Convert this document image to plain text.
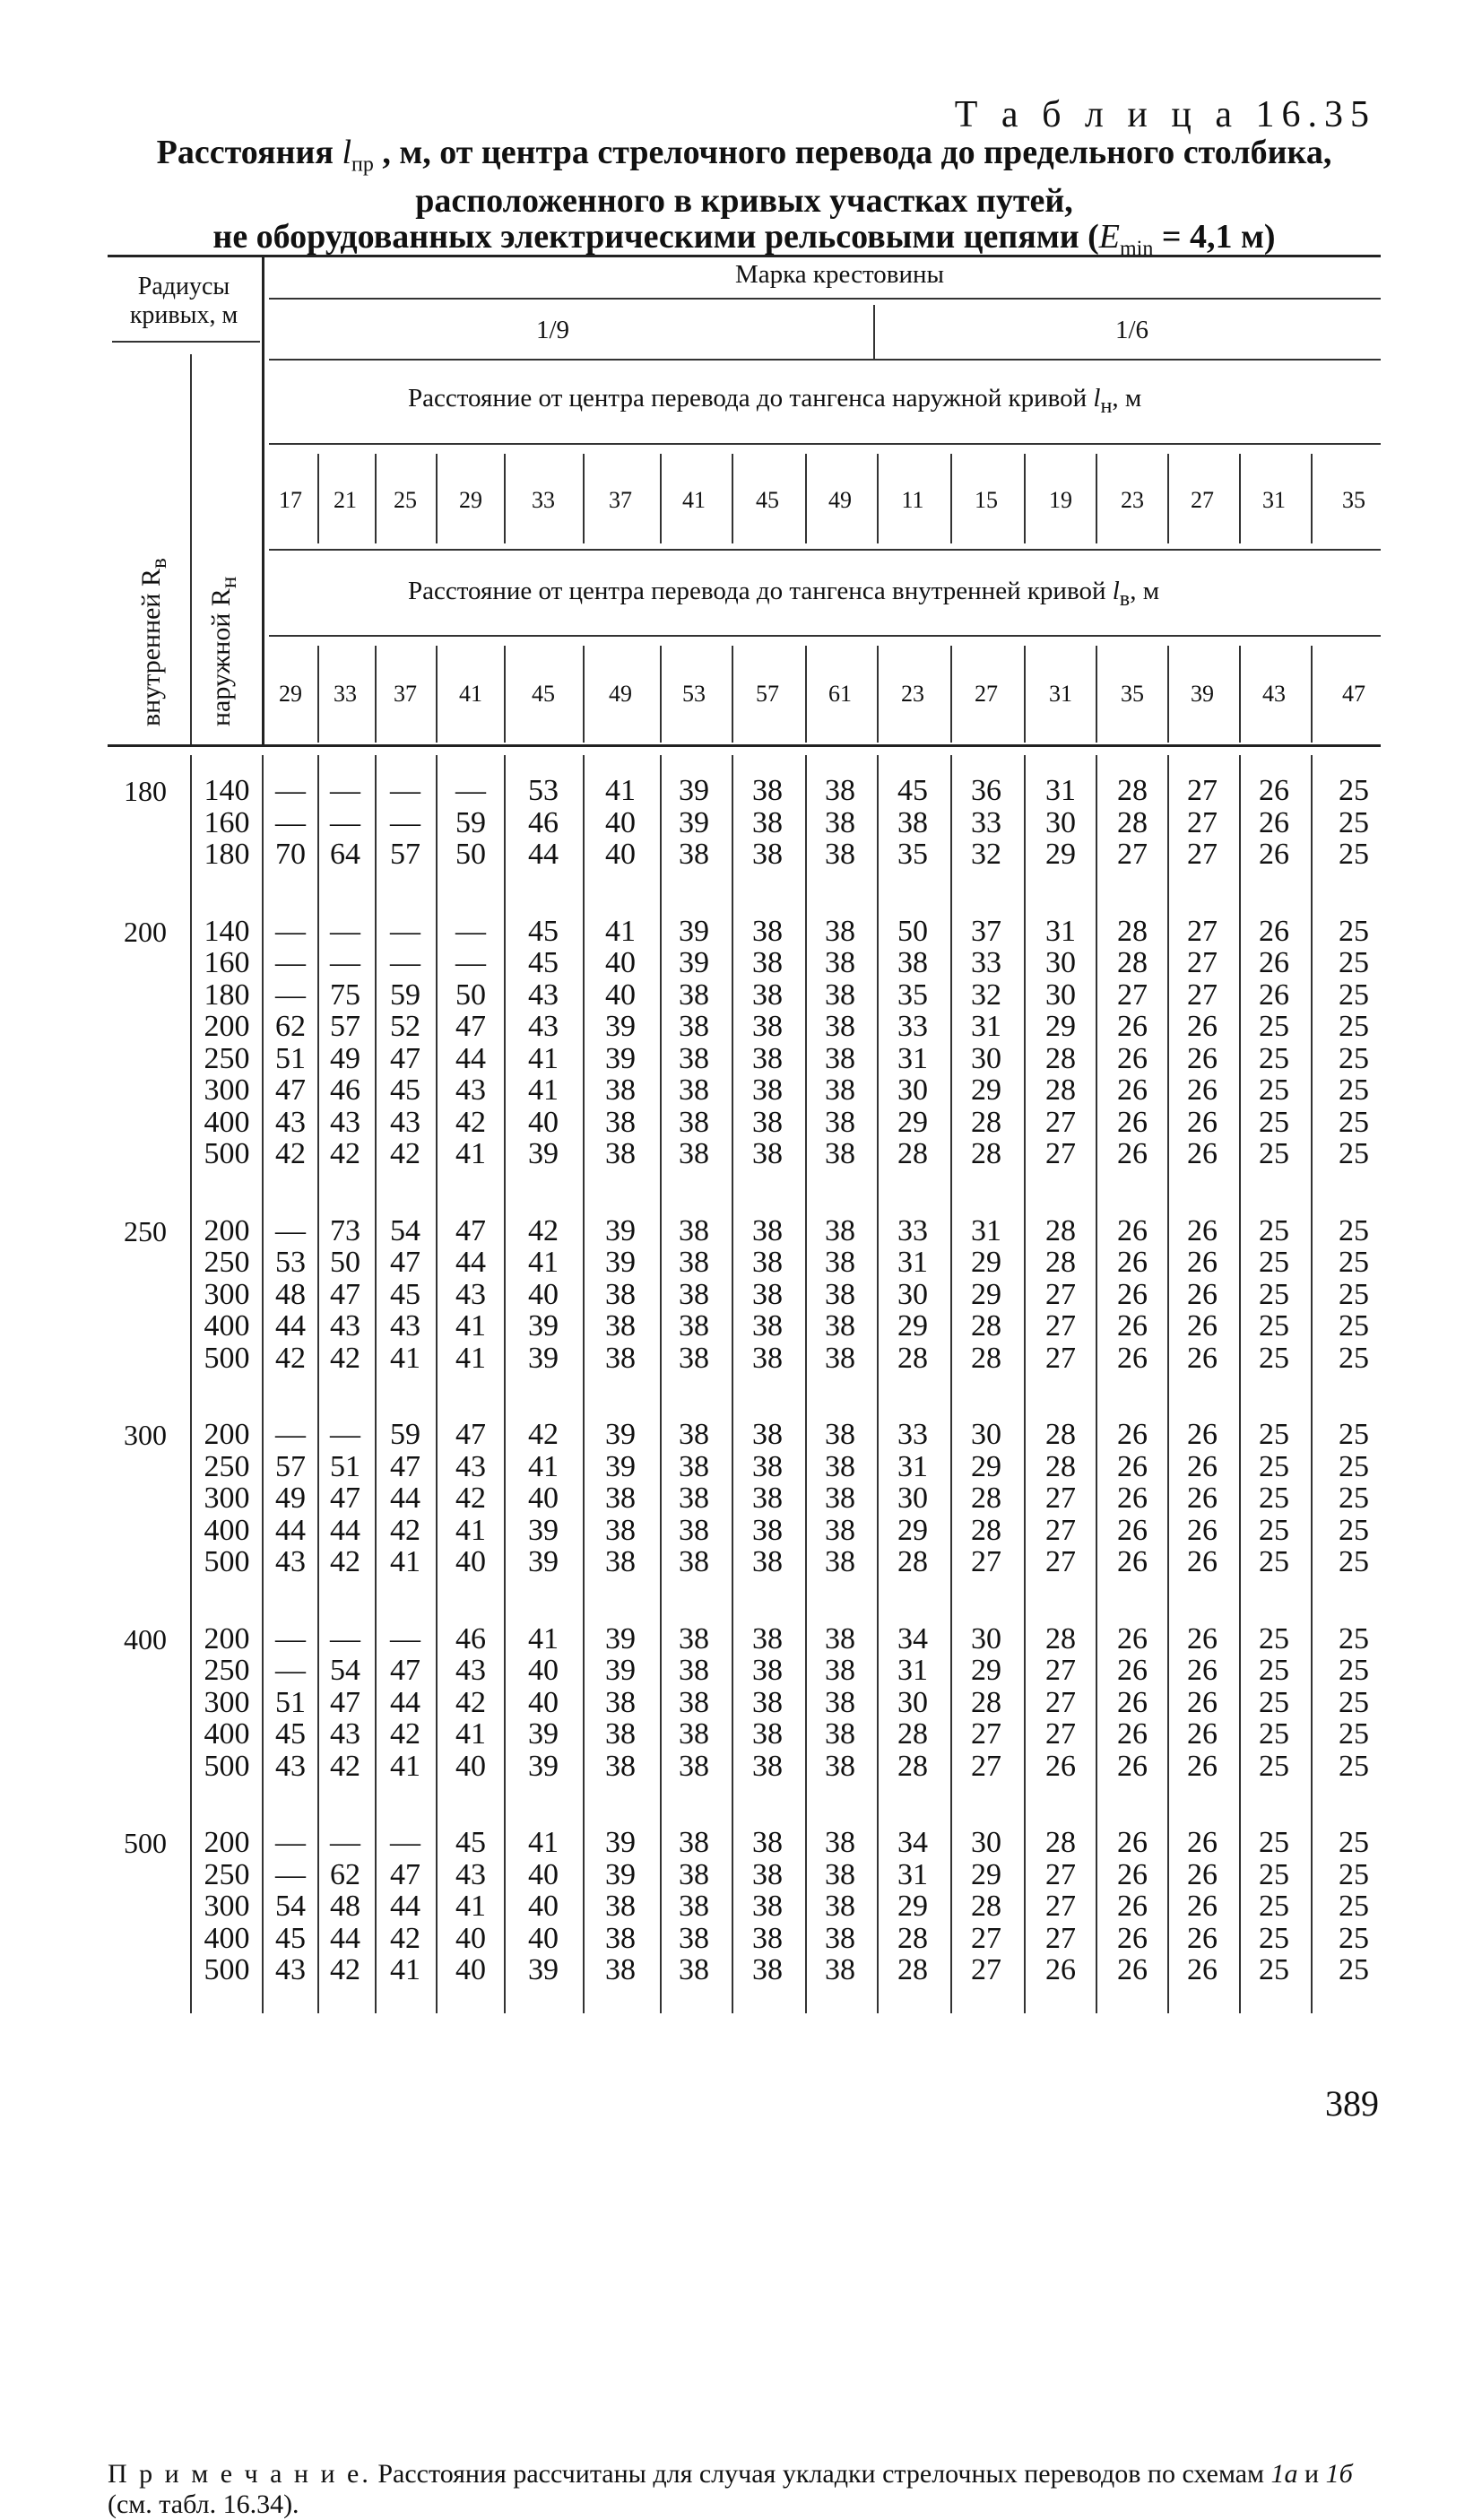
Т а б л и ц а 16.35
Расстояния $l_{пр}$ , м, от центра стрелочного перевода до предельного столбика,
расположенного в кривых участках путей,
не оборудованных электрическими рельсовыми цепями ($E_{min} = 4,1$ м)
Радиусы кривых, м
Марка крестовины
1/9	1/6
Расстояние от центра перевода до тангенса наружной кривой $l_н$, м
Расстояние от центра перевода до тангенса внутренней кривой $l_в$, м
внутренней $R_в$
наружной $R_н$
17	21	25	29	33	37	41	45	49	11	15	19	23	27	31	35
29	33	37	41	45	49	53	57	61	23	27	31	35	39	43	47
180	140 — — —	—	53	41	39	38	38	45	36	31	28	27	26	25
160 — — —	59	46	40	39	38	38	38	33	30	28	27	26	25
180 70 64 57	50	44	40	38	38	38	35	32	29	27	27	26	25
200	140 — — —	—	45	41	39	38	38	50	37	31	28	27	26	25
160 — — —	—	45	40	39	38	38	38	33	30	28	27	26	25
180 — 75 59	50	43	40	38	38	38	35	32	30	27	27	26	25
200 62 57 52	47	43	39	38	38	38	33	31	29	26	26	25	25
250 51 49 47	44	41	39	38	38	38	31	30	28	26	26	25	25
300 47 46 45	43	41	38	38	38	38	30	29	28	26	26	25	25
400 43 43 43	42	40	38	38	38	38	29	28	27	26	26	25	25
500 42 42 42	41	39	38	38	38	38	28	28	27	26	26	25	25
250	200 — 73 54	47	42	39	38	38	38	33	31	28	26	26	25	25
250 53 50 47	44	41	39	38	38	38	31	29	28	26	26	25	25
300 48 47 45	43	40	38	38	38	38	30	29	27	26	26	25	25
400 44 43 43	41	39	38	38	38	38	29	28	27	26	26	25	25
500 42 42 41	41	39	38	38	38	38	28	28	27	26	26	25	25
300	200 — — 59	47	42	39	38	38	38	33	30	28	26	26	25	25
250 57 51 47	43	41	39	38	38	38	31	29	28	26	26	25	25
300 49 47 44	42	40	38	38	38	38	30	28	27	26	26	25	25
400 44 44 42	41	39	38	38	38	38	29	28	27	26	26	25	25
500 43 42 41	40	39	38	38	38	38	28	27	27	26	26	25	25
400	200 — — —	46	41	39	38	38	38	34	30	28	26	26	25	25
250 — 54 47	43	40	39	38	38	38	31	29	27	26	26	25	25
300 51 47 44	42	40	38	38	38	38	30	28	27	26	26	25	25
400 45 43 42	41	39	38	38	38	38	28	27	27	26	26	25	25
500 43 42 41	40	39	38	38	38	38	28	27	26	26	26	25	25
500	200 — — —	45	41	39	38	38	38	34	30	28	26	26	25	25
250 — 62 47	43	40	39	38	38	38	31	29	27	26	26	25	25
300 54 48 44	41	40	38	38	38	38	29	28	27	26	26	25	25
400 45 44 42	40	40	38	38	38	38	28	27	27	26	26	25	25
500 43 42 41	40	39	38	38	38	38	28	27	26	26	26	25	25
П р и м е ч а н и е. Расстояния рассчитаны для случая укладки стрелочных переводов по схемам 1а и 1б (см. табл. 16.34).
389
